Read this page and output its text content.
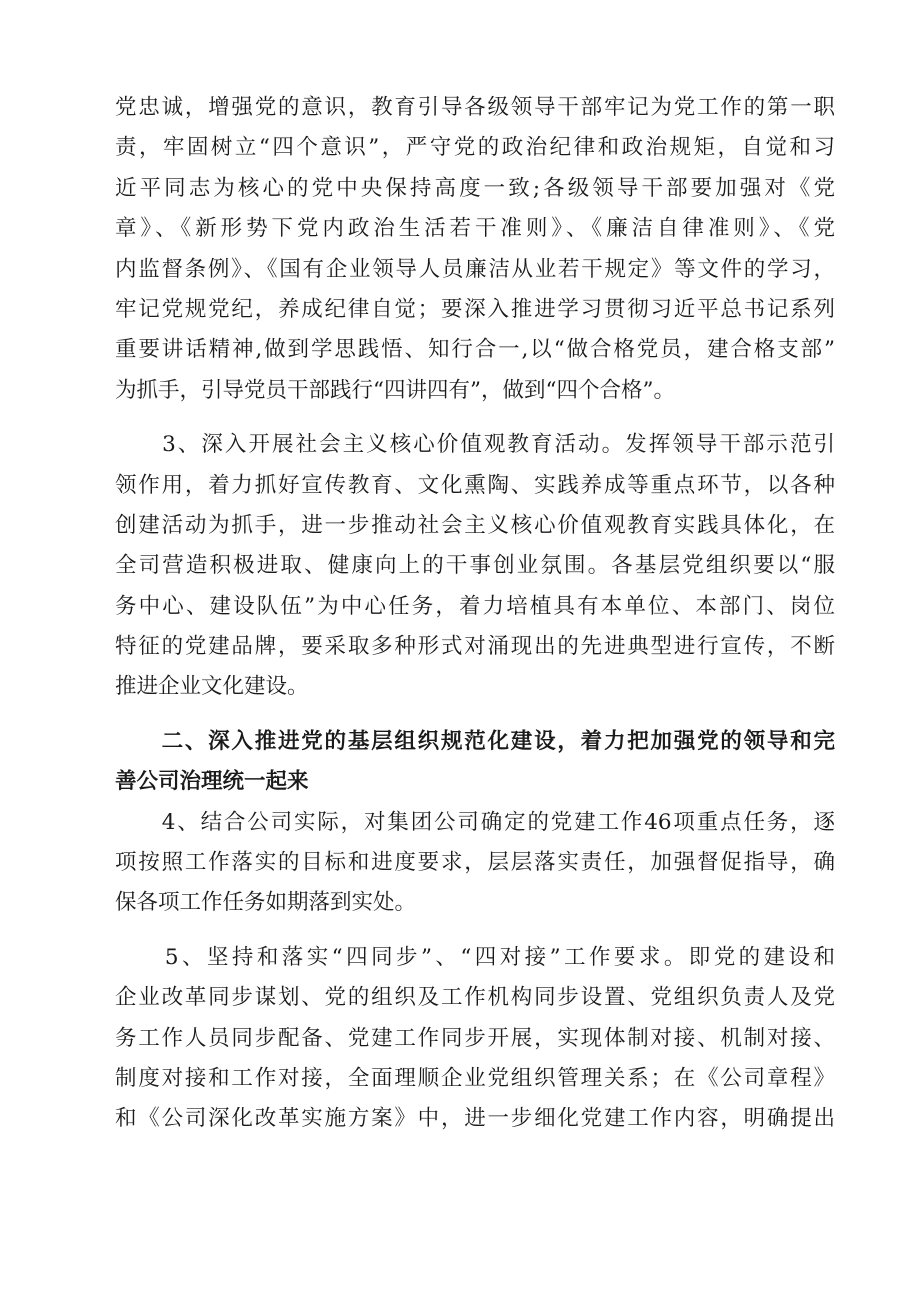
党忠诚，增强党的意识，教育引导各级领导干部牢记为党工作的第一职
责，牢固树立“四个意识”，严守党的政治纪律和政治规矩，自觉和习
近平同志为核心的党中央保持高度一致;各级领导干部要加强对《党
章》、《新形势下党内政治生活若干准则》、《廉洁自律准则》、《党
内监督条例》、《国有企业领导人员廉洁从业若干规定》等文件的学习，
牢记党规党纪，养成纪律自觉；要深入推进学习贯彻习近平总书记系列
重要讲话精神,做到学思践悟、知行合一,以“做合格党员，建合格支部”
为抓手，引导党员干部践行“四讲四有”，做到“四个合格”。
　　3、深入开展社会主义核心价值观教育活动。发挥领导干部示范引
领作用，着力抓好宣传教育、文化熏陶、实践养成等重点环节，以各种
创建活动为抓手，进一步推动社会主义核心价值观教育实践具体化，在
全司营造积极进取、健康向上的干事创业氛围。各基层党组织要以“服
务中心、建设队伍”为中心任务，着力培植具有本单位、本部门、岗位
特征的党建品牌，要采取多种形式对涌现出的先进典型进行宣传，不断
推进企业文化建设。
　　二、深入推进党的基层组织规范化建设，着力把加强党的领导和完
善公司治理统一起来
　　4、结合公司实际，对集团公司确定的党建工作46项重点任务，逐
项按照工作落实的目标和进度要求，层层落实责任，加强督促指导，确
保各项工作任务如期落到实处。
　　5、坚持和落实“四同步”、“四对接”工作要求。即党的建设和
企业改革同步谋划、党的组织及工作机构同步设置、党组织负责人及党
务工作人员同步配备、党建工作同步开展，实现体制对接、机制对接、
制度对接和工作对接，全面理顺企业党组织管理关系；在《公司章程》
和《公司深化改革实施方案》中，进一步细化党建工作内容，明确提出
